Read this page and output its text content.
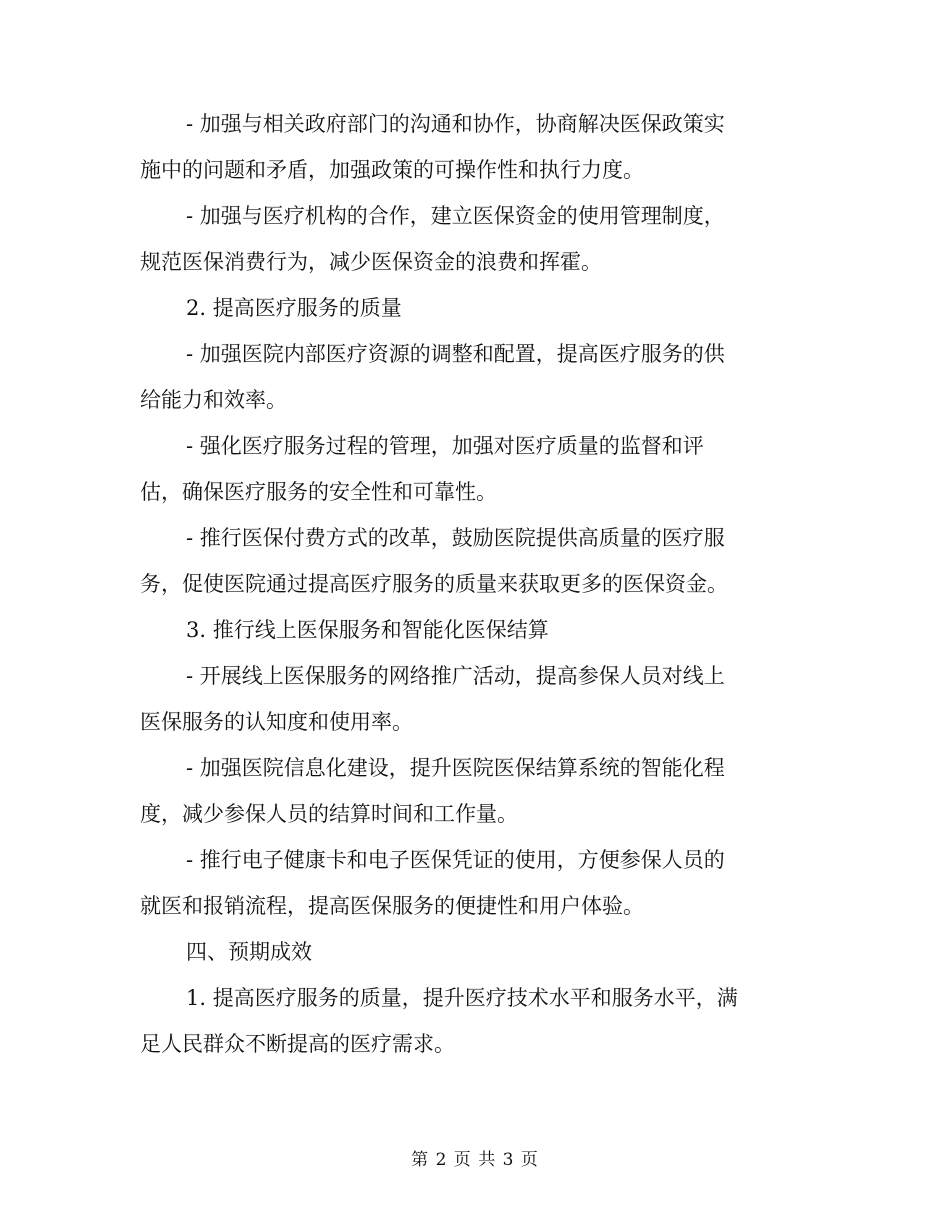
- 加强与相关政府部门的沟通和协作，协商解决医保政策实
施中的问题和矛盾，加强政策的可操作性和执行力度。

- 加强与医疗机构的合作，建立医保资金的使用管理制度，
规范医保消费行为，减少医保资金的浪费和挥霍。

2. 提高医疗服务的质量

- 加强医院内部医疗资源的调整和配置，提高医疗服务的供
给能力和效率。

- 强化医疗服务过程的管理，加强对医疗质量的监督和评
估，确保医疗服务的安全性和可靠性。

- 推行医保付费方式的改革，鼓励医院提供高质量的医疗服
务，促使医院通过提高医疗服务的质量来获取更多的医保资金。

3. 推行线上医保服务和智能化医保结算

- 开展线上医保服务的网络推广活动，提高参保人员对线上
医保服务的认知度和使用率。

- 加强医院信息化建设，提升医院医保结算系统的智能化程
度，减少参保人员的结算时间和工作量。

- 推行电子健康卡和电子医保凭证的使用，方便参保人员的
就医和报销流程，提高医保服务的便捷性和用户体验。

四、预期成效

1. 提高医疗服务的质量，提升医疗技术水平和服务水平，满
足人民群众不断提高的医疗需求。

第 2 页 共 3 页
